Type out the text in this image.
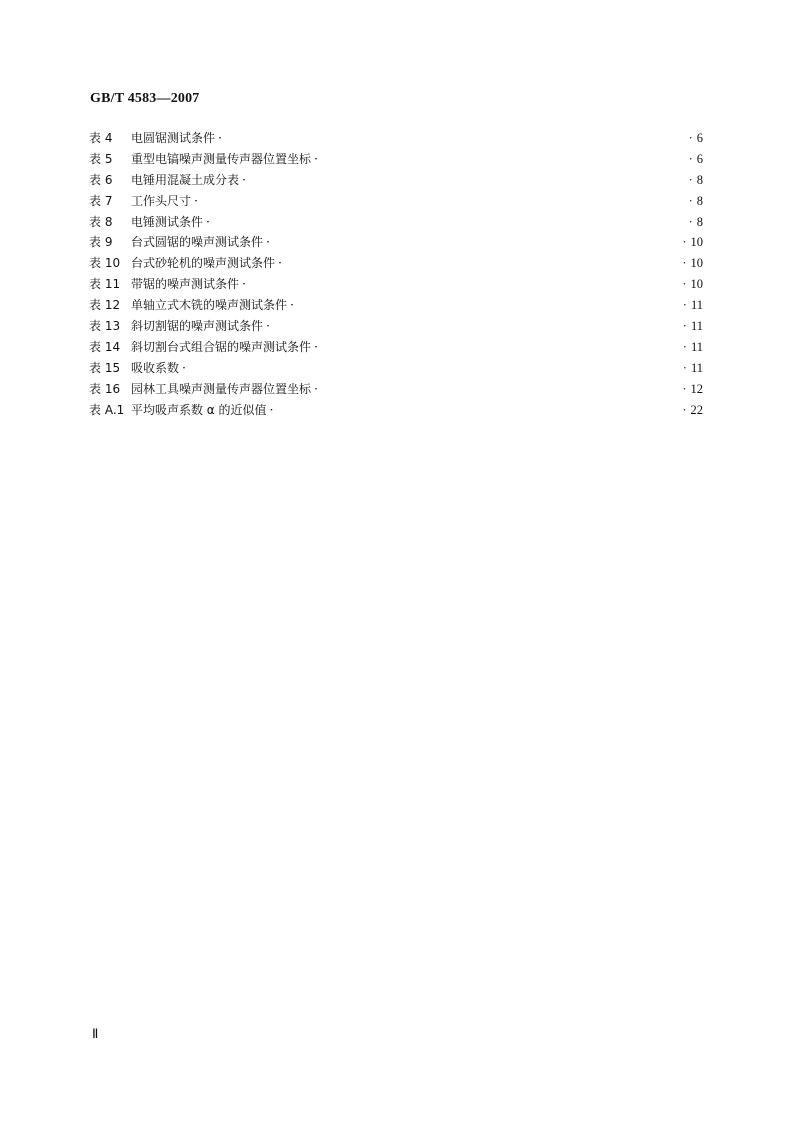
GB/T 4583—2007
表 4 电圆锯测试条件 ·	· 6
表 5 重型电镐噪声测量传声器位置坐标 ·	· 6
表 6 电锤用混凝土成分表 ·	· 8
表 7 工作头尺寸 ·	· 8
表 8 电锤测试条件 ·	· 8
表 9 台式圆锯的噪声测试条件 ·	· 10
表 10 台式砂轮机的噪声测试条件 ·	· 10
表 11 带锯的噪声测试条件 ·	· 10
表 12 单轴立式木铣的噪声测试条件 ·	· 11
表 13 斜切割锯的噪声测试条件 ·	· 11
表 14 斜切割台式组合锯的噪声测试条件 ·	· 11
表 15 吸收系数 ·	· 11
表 16 园林工具噪声测量传声器位置坐标 ·	· 12
表 A.1 平均吸声系数 α 的近似值 ·	· 22
Ⅱ
